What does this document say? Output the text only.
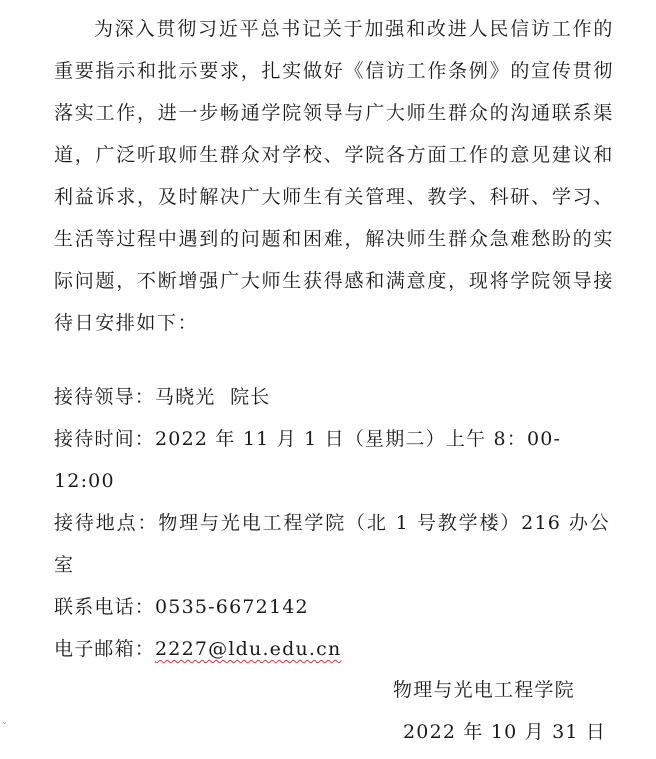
为深入贯彻习近平总书记关于加强和改进人民信访工作的重要指示和批示要求，扎实做好《信访工作条例》的宣传贯彻落实工作，进一步畅通学院领导与广大师生群众的沟通联系渠道，广泛听取师生群众对学校、学院各方面工作的意见建议和利益诉求，及时解决广大师生有关管理、教学、科研、学习、生活等过程中遇到的问题和困难，解决师生群众急难愁盼的实际问题，不断增强广大师生获得感和满意度，现将学院领导接待日安排如下：

接待领导：马晓光  院长
接待时间：2022 年 11 月 1 日（星期二）上午 8：00-12:00
接待地点：物理与光电工程学院（北 1 号教学楼）216 办公室
联系电话：0535-6672142
电子邮箱：2227@ldu.edu.cn

物理与光电工程学院

2022 年 10 月 31 日

ˇ
